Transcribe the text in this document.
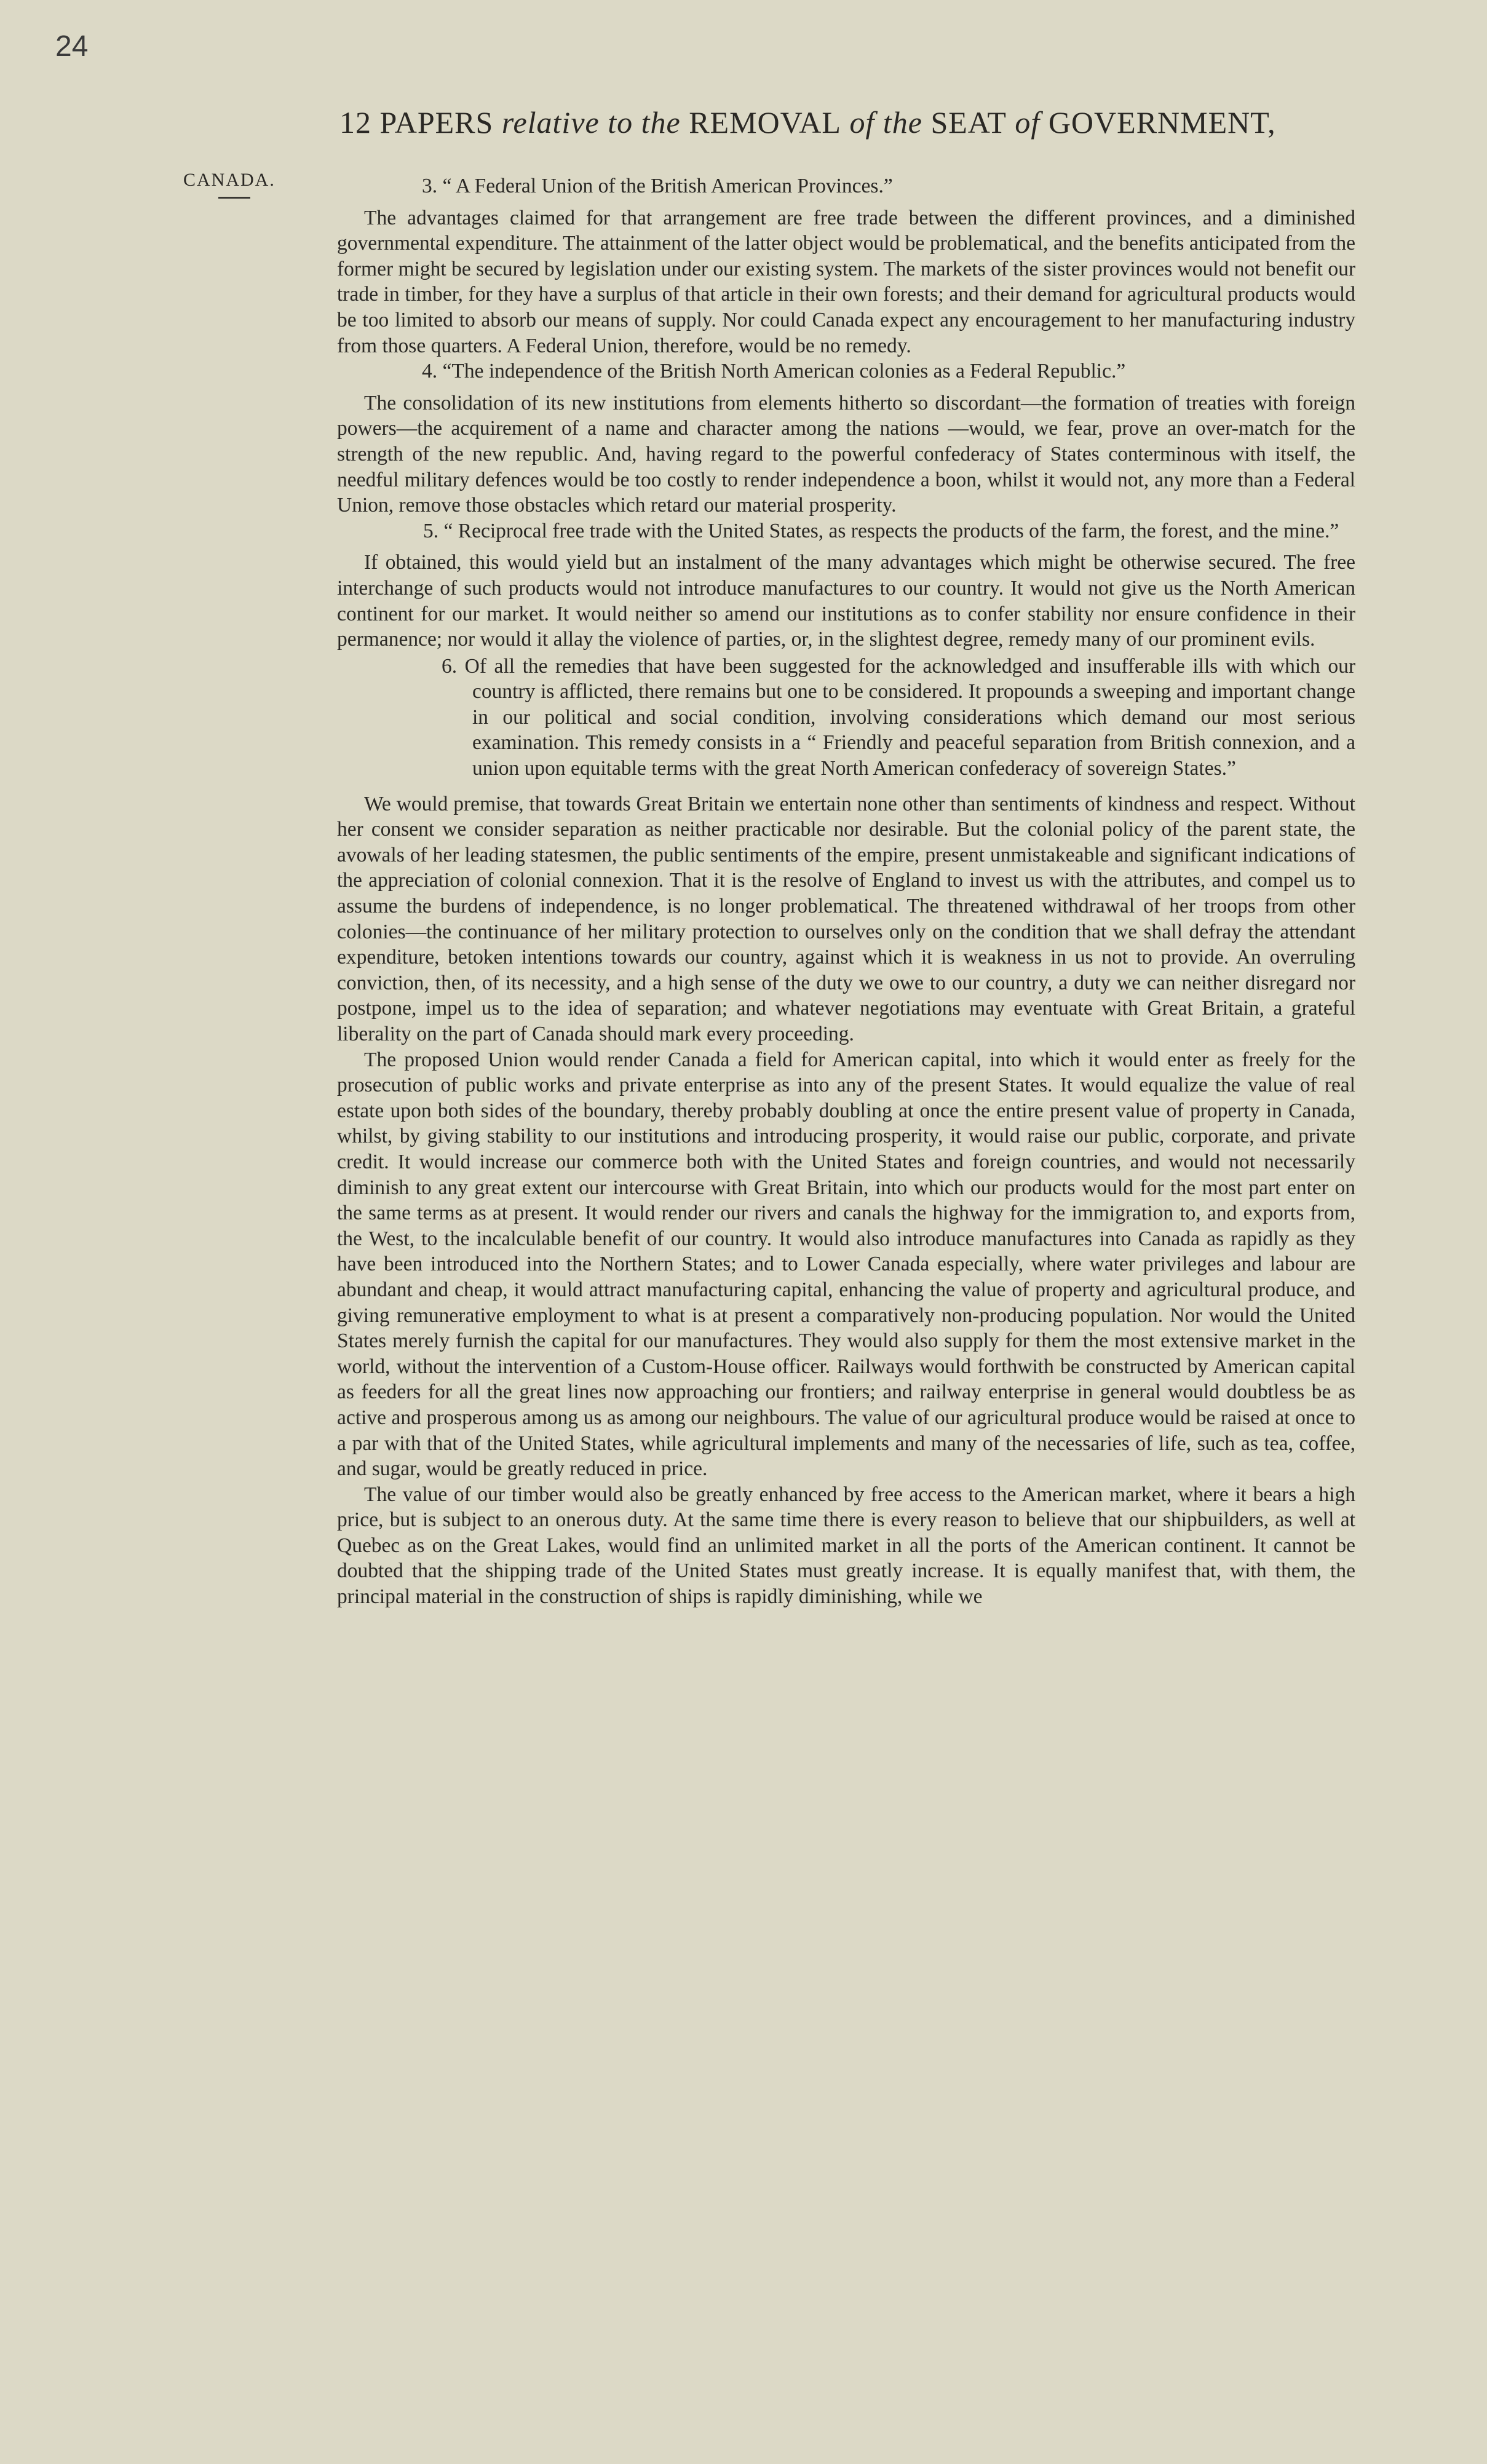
24
12 PAPERS relative to the REMOVAL of the SEAT of GOVERNMENT,
CANADA.	3. “ A Federal Union of the British American Provinces.”

The advantages claimed for that arrangement are free trade between the different provinces, and a diminished governmental expenditure. The attainment of the latter object would be problematical, and the benefits anticipated from the former might be secured by legislation under our existing system. The markets of the sister provinces would not benefit our trade in timber, for they have a surplus of that article in their own forests; and their demand for agricultural products would be too limited to absorb our means of supply. Nor could Canada expect any encouragement to her manufacturing industry from those quarters. A Federal Union, therefore, would be no remedy.

4. “The independence of the British North American colonies as a Federal Republic.”

The consolidation of its new institutions from elements hitherto so discordant—the formation of treaties with foreign powers—the acquirement of a name and character among the nations —would, we fear, prove an over-match for the strength of the new republic. And, having regard to the powerful confederacy of States conterminous with itself, the needful military defences would be too costly to render independence a boon, whilst it would not, any more than a Federal Union, remove those obstacles which retard our material prosperity.

5. “ Reciprocal free trade with the United States, as respects the products of the farm, the forest, and the mine.”

If obtained, this would yield but an instalment of the many advantages which might be otherwise secured. The free interchange of such products would not introduce manufactures to our country. It would not give us the North American continent for our market. It would neither so amend our institutions as to confer stability nor ensure confidence in their permanence; nor would it allay the violence of parties, or, in the slightest degree, remedy many of our prominent evils.

6. Of all the remedies that have been suggested for the acknowledged and insufferable ills with which our country is afflicted, there remains but one to be considered. It propounds a sweeping and important change in our political and social condition, involving considerations which demand our most serious examination. This remedy consists in a “ Friendly and peaceful separation from British connexion, and a union upon equitable terms with the great North American confederacy of sovereign States.”

We would premise, that towards Great Britain we entertain none other than sentiments of kindness and respect. Without her consent we consider separation as neither practicable nor desirable. But the colonial policy of the parent state, the avowals of her leading statesmen, the public sentiments of the empire, present unmistakeable and significant indications of the appreciation of colonial connexion. That it is the resolve of England to invest us with the attributes, and compel us to assume the burdens of independence, is no longer problematical. The threatened withdrawal of her troops from other colonies—the continuance of her military protection to ourselves only on the condition that we shall defray the attendant expenditure, betoken intentions towards our country, against which it is weakness in us not to provide. An overruling conviction, then, of its necessity, and a high sense of the duty we owe to our country, a duty we can neither disregard nor postpone, impel us to the idea of separation; and whatever negotiations may eventuate with Great Britain, a grateful liberality on the part of Canada should mark every proceeding.

The proposed Union would render Canada a field for American capital, into which it would enter as freely for the prosecution of public works and private enterprise as into any of the present States. It would equalize the value of real estate upon both sides of the boundary, thereby probably doubling at once the entire present value of property in Canada, whilst, by giving stability to our institutions and introducing prosperity, it would raise our public, corporate, and private credit. It would increase our commerce both with the United States and foreign countries, and would not necessarily diminish to any great extent our intercourse with Great Britain, into which our products would for the most part enter on the same terms as at present. It would render our rivers and canals the highway for the immigration to, and exports from, the West, to the incalculable benefit of our country. It would also introduce manufactures into Canada as rapidly as they have been introduced into the Northern States; and to Lower Canada especially, where water privileges and labour are abundant and cheap, it would attract manufacturing capital, enhancing the value of property and agricultural produce, and giving remunerative employment to what is at present a comparatively non-producing population. Nor would the United States merely furnish the capital for our manufactures. They would also supply for them the most extensive market in the world, without the intervention of a Custom-House officer. Railways would forthwith be constructed by American capital as feeders for all the great lines now approaching our frontiers; and railway enterprise in general would doubtless be as active and prosperous among us as among our neighbours. The value of our agricultural produce would be raised at once to a par with that of the United States, while agricultural implements and many of the necessaries of life, such as tea, coffee, and sugar, would be greatly reduced in price.

The value of our timber would also be greatly enhanced by free access to the American market, where it bears a high price, but is subject to an onerous duty. At the same time there is every reason to believe that our shipbuilders, as well at Quebec as on the Great Lakes, would find an unlimited market in all the ports of the American continent. It cannot be doubted that the shipping trade of the United States must greatly increase. It is equally manifest that, with them, the principal material in the construction of ships is rapidly diminishing, while we
